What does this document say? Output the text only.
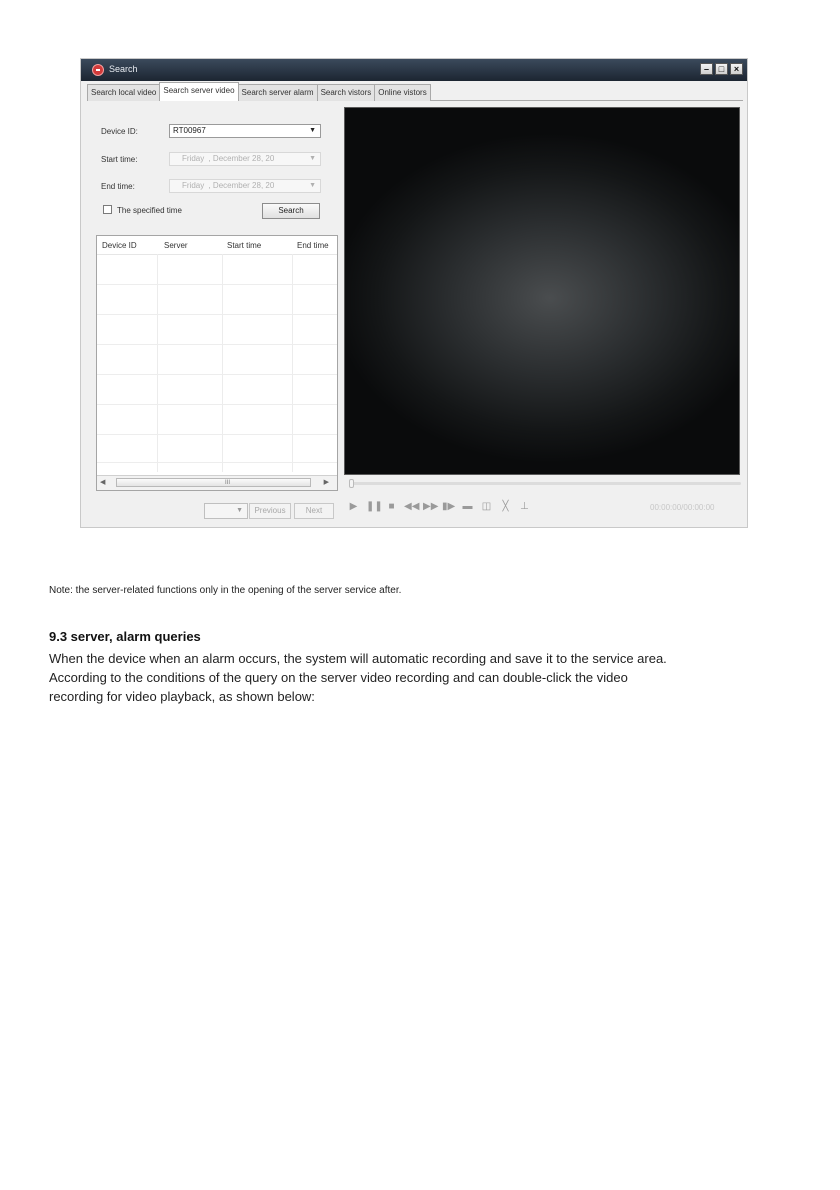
Search	–	□	×
Search local video Search server video Search server alarm Search vistors Online vistors
Device ID:	RT00967	▼
Start time:	Friday , December 28, 20	▼
End time:	Friday , December 28, 20	▼
The specified time	Search
Device ID	Server	Start time	End time
◀	III	▶
▼	Previous	Next	▶ ❚❚ ■ ◀◀ ▶▶ ▮▶ ▬ ◫	╳	⊥	00:00:00/00:00:00
Note: the server-related functions only in the opening of the server service after.
9.3 server, alarm queries
When the device when an alarm occurs, the system will automatic recording and save it to the service area.
According to the conditions of the query on the server video recording and can double-click the video
recording for video playback, as shown below:
